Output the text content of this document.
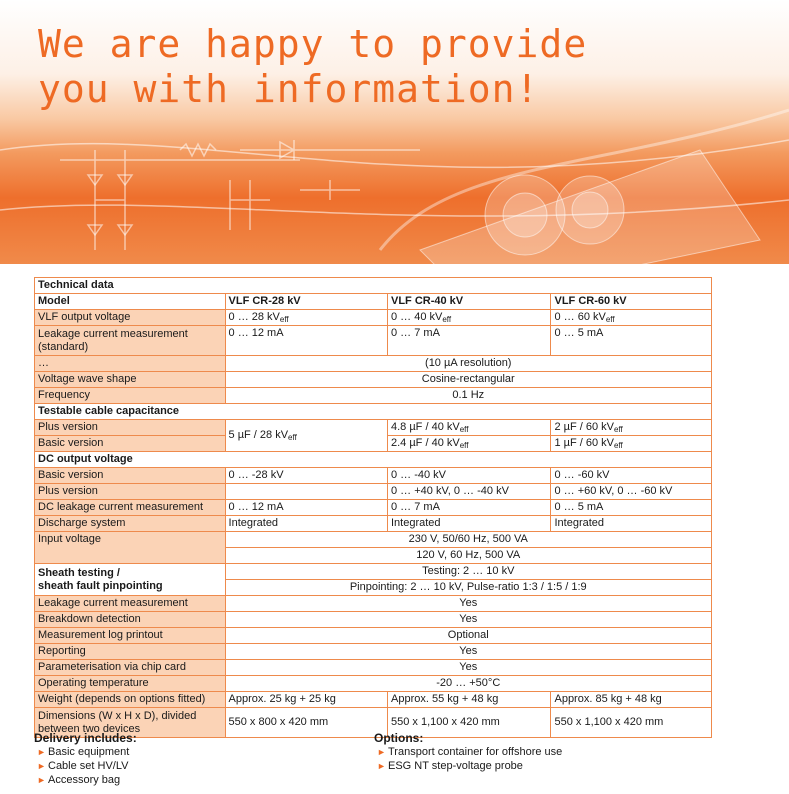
We are happy to provide
you with information!
Technical data			
Model	VLF CR-28 kV	VLF CR-40 kV	VLF CR-60 kV
VLF output voltage	0 … 28 $kV_{eff}$	0 … 40 $kV_{eff}$	0 … 60 $kV_{eff}$
Leakage current measurement (standard)	0 … 12 mA	0 … 7 mA	0 … 5 mA
…	(10 µA resolution)		
Voltage wave shape	Cosine-rectangular		
Frequency	0.1 Hz		
Testable cable capacitance			
Plus version	5 µF / 28 $kV_{eff}$	4.8 µF / 40 $kV_{eff}$	2 µF / 60 $kV_{eff}$
Basic version		2.4 µF / 40 $kV_{eff}$	1 µF / 60 $kV_{eff}$
DC output voltage			
Basic version	0 … -28 kV	0 … -40 kV	0 … -60 kV
Plus version		0 … +40 kV, 0 … -40 kV	0 … +60 kV, 0 … -60 kV
DC leakage current measurement	0 … 12 mA	0 … 7 mA	0 … 5 mA
Discharge system	Integrated	Integrated	Integrated
Input voltage	230 V, 50/60 Hz, 500 VA		
	120 V, 60 Hz, 500 VA		
Sheath testing /
sheath fault pinpointing	Testing: 2 … 10 kV		
	Pinpointing: 2 … 10 kV, Pulse-ratio 1:3 / 1:5 / 1:9		
Leakage current measurement	Yes		
Breakdown detection	Yes		
Measurement log printout	Optional		
Reporting	Yes		
Parameterisation via chip card	Yes		
Operating temperature	-20 … +50°C		
Weight (depends on options fitted)	Approx. 25 kg + 25 kg	Approx. 55 kg + 48 kg	Approx. 85 kg + 48 kg
Dimensions (W x H x D), divided between two devices	550 x 800 x 420 mm	550 x 1,100 x 420 mm	550 x 1,100 x 420 mm
Delivery includes:
► Basic equipment
► Cable set HV/LV
► Accessory bag
Options:
► Transport container for offshore use
► ESG NT step-voltage probe
